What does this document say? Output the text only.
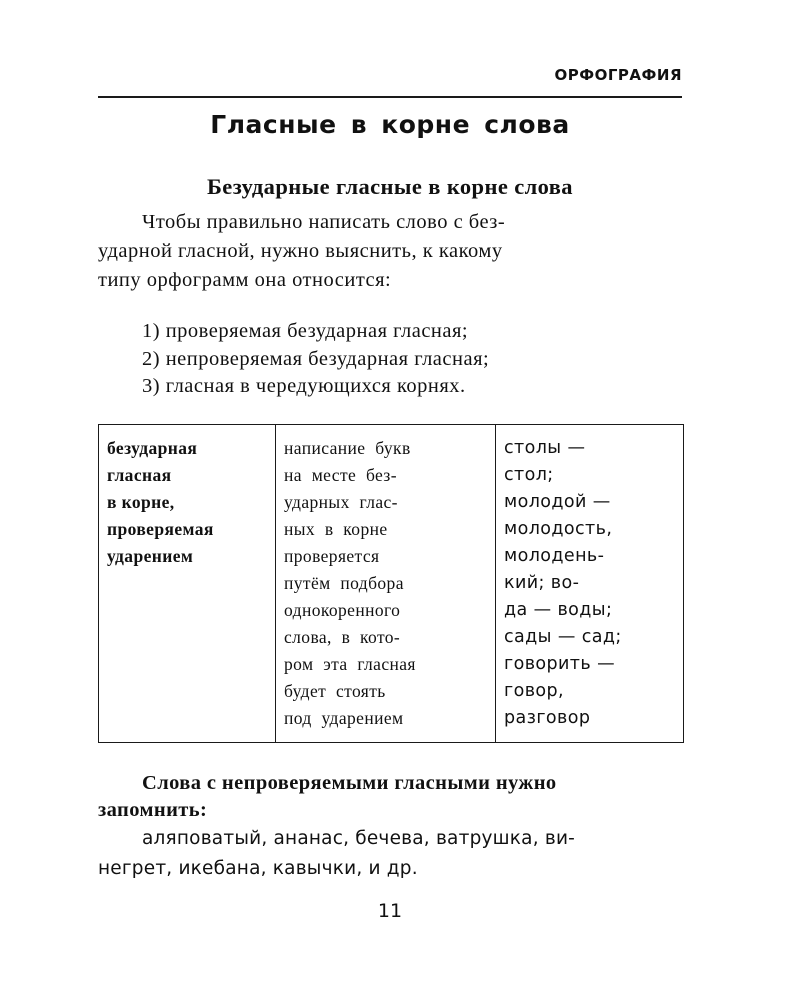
ОРФОГРАФИЯ
Гласные в корне слова
Безударные гласные в корне слова
Чтобы правильно написать слово с без-
ударной гласной, нужно выяснить, к какому
типу орфограмм она относится:
1) проверяемая безударная гласная;
2) непроверяемая безударная гласная;
3) гласная в чередующихся корнях.
безударная
гласная
в корне,
проверяемая
ударением

написание букв
на месте без-
ударных глас-
ных в корне
проверяется
путём подбора
однокоренного
слова, в кото-
ром эта гласная
будет стоять
под ударением

столы —
стол;
молодой —
молодость,
молодень-
кий; во-
да — воды;
сады — сад;
говорить —
говор,
разговор
Слова с непроверяемыми гласными нужно
запомнить:
аляповатый, ананас, бечева, ватрушка, ви-
негрет, икебана, кавычки, и др.
11
